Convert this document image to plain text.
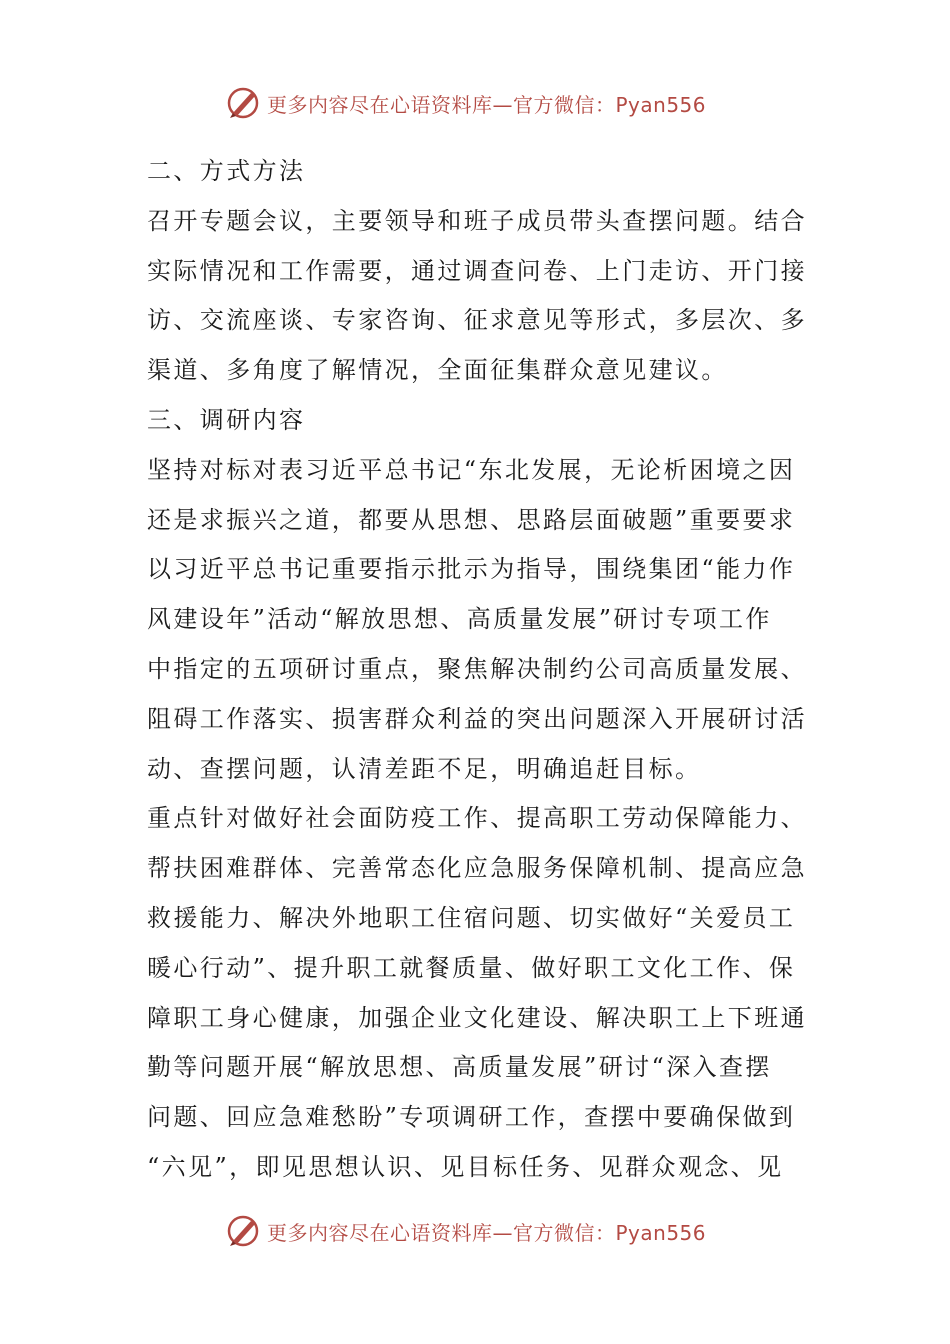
更多内容尽在心语资料库—官方微信：Pyan556

二、方式方法

召开专题会议，主要领导和班子成员带头查摆问题。结合

实际情况和工作需要，通过调查问卷、上门走访、开门接

访、交流座谈、专家咨询、征求意见等形式，多层次、多

渠道、多角度了解情况，全面征集群众意见建议。

三、调研内容

坚持对标对表习近平总书记“东北发展，无论析困境之因

还是求振兴之道，都要从思想、思路层面破题”重要要求

以习近平总书记重要指示批示为指导，围绕集团“能力作

风建设年”活动“解放思想、高质量发展”研讨专项工作

中指定的五项研讨重点，聚焦解决制约公司高质量发展、

阻碍工作落实、损害群众利益的突出问题深入开展研讨活

动、查摆问题，认清差距不足，明确追赶目标。

重点针对做好社会面防疫工作、提高职工劳动保障能力、

帮扶困难群体、完善常态化应急服务保障机制、提高应急

救援能力、解决外地职工住宿问题、切实做好“关爱员工

暖心行动”、提升职工就餐质量、做好职工文化工作、保

障职工身心健康，加强企业文化建设、解决职工上下班通

勤等问题开展“解放思想、高质量发展”研讨“深入查摆

问题、回应急难愁盼”专项调研工作，查摆中要确保做到

“六见”，即见思想认识、见目标任务、见群众观念、见

更多内容尽在心语资料库—官方微信：Pyan556
